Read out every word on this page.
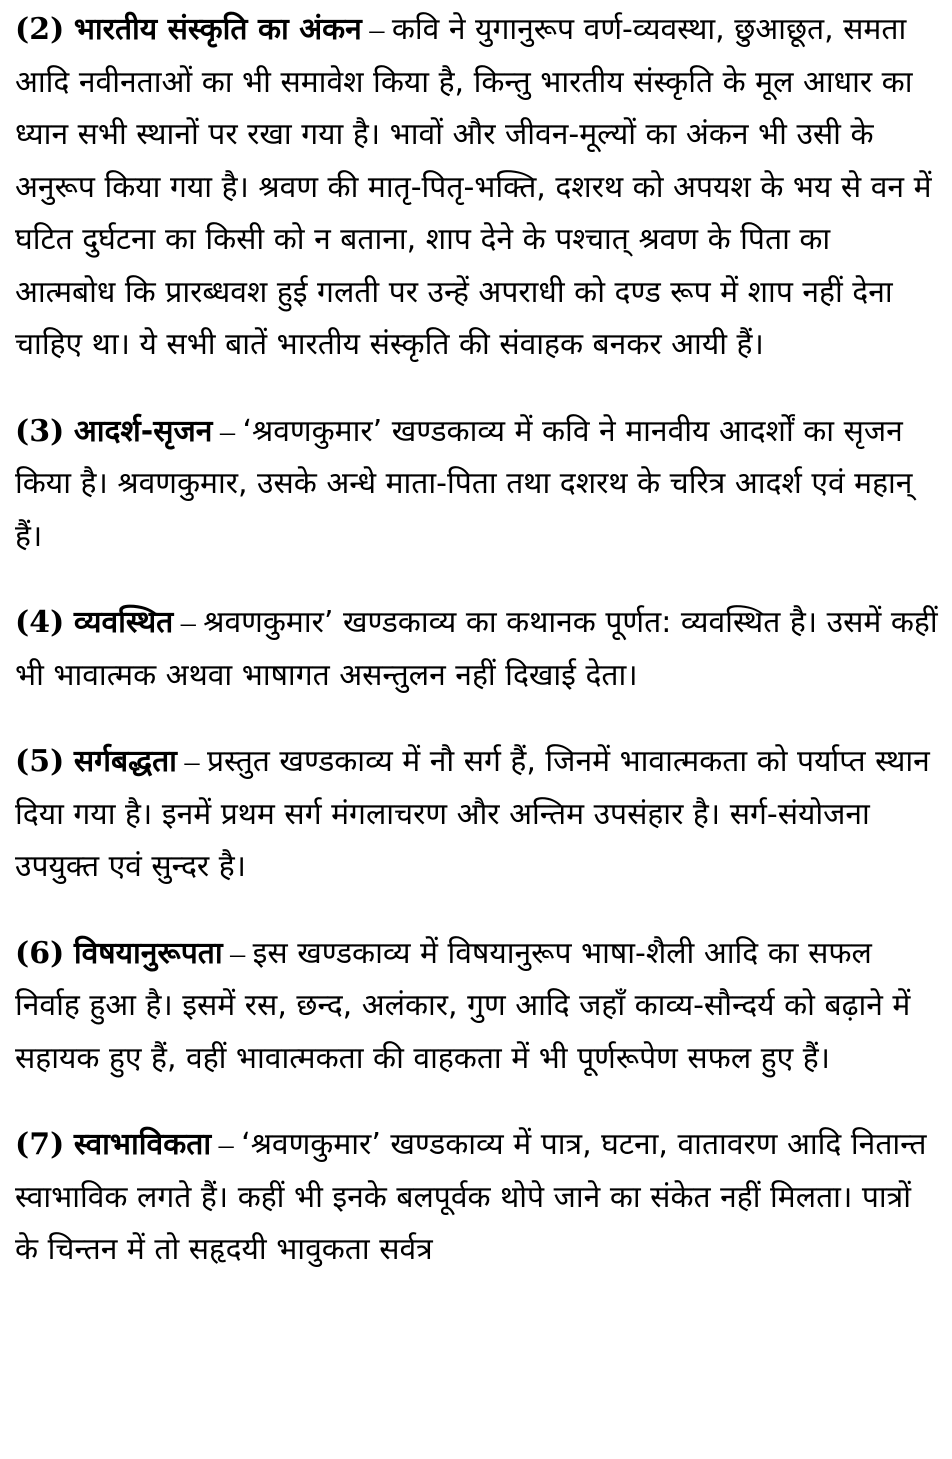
(2) भारतीय संस्कृति का अंकन – कवि ने युगानुरूप वर्ण-व्यवस्था, छुआछूत, समता आदि नवीनताओं का भी समावेश किया है, किन्तु भारतीय संस्कृति के मूल आधार का ध्यान सभी स्थानों पर रखा गया है। भावों और जीवन-मूल्यों का अंकन भी उसी के अनुरूप किया गया है। श्रवण की मातृ-पितृ-भक्ति, दशरथ को अपयश के भय से वन में घटित दुर्घटना का किसी को न बताना, शाप देने के पश्चात् श्रवण के पिता का आत्मबोध कि प्रारब्धवश हुई गलती पर उन्हें अपराधी को दण्ड रूप में शाप नहीं देना चाहिए था। ये सभी बातें भारतीय संस्कृति की संवाहक बनकर आयी हैं।

(3) आदर्श-सृजन – ‘श्रवणकुमार’ खण्डकाव्य में कवि ने मानवीय आदर्शों का सृजन किया है। श्रवणकुमार, उसके अन्धे माता-पिता तथा दशरथ के चरित्र आदर्श एवं महान् हैं।

(4) व्यवस्थित – श्रवणकुमार’ खण्डकाव्य का कथानक पूर्णत: व्यवस्थित है। उसमें कहीं भी भावात्मक अथवा भाषागत असन्तुलन नहीं दिखाई देता।

(5) सर्गबद्धता – प्रस्तुत खण्डकाव्य में नौ सर्ग हैं, जिनमें भावात्मकता को पर्याप्त स्थान दिया गया है। इनमें प्रथम सर्ग मंगलाचरण और अन्तिम उपसंहार है। सर्ग-संयोजना उपयुक्त एवं सुन्दर है।

(6) विषयानुरूपता – इस खण्डकाव्य में विषयानुरूप भाषा-शैली आदि का सफल निर्वाह हुआ है। इसमें रस, छन्द, अलंकार, गुण आदि जहाँ काव्य-सौन्दर्य को बढ़ाने में सहायक हुए हैं, वहीं भावात्मकता की वाहकता में भी पूर्णरूपेण सफल हुए हैं।

(7) स्वाभाविकता – ‘श्रवणकुमार’ खण्डकाव्य में पात्र, घटना, वातावरण आदि नितान्त स्वाभाविक लगते हैं। कहीं भी इनके बलपूर्वक थोपे जाने का संकेत नहीं मिलता। पात्रों के चिन्तन में तो सहृदयी भावुकता सर्वत्र
